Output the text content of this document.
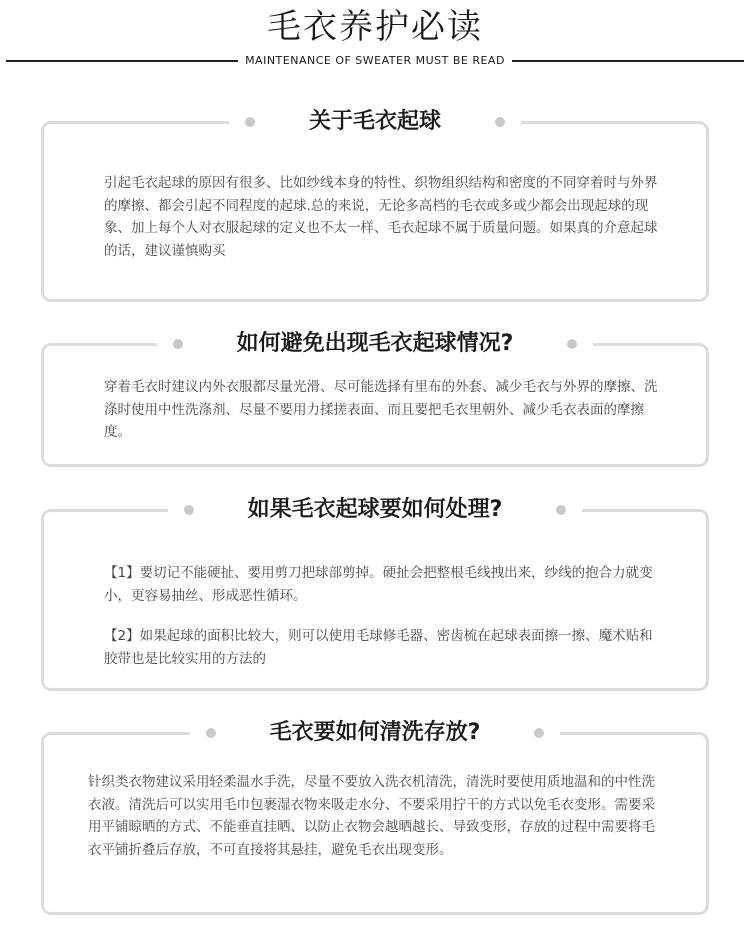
毛衣养护必读
MAINTENANCE OF SWEATER MUST BE READ
关于毛衣起球

引起毛衣起球的原因有很多、比如纱线本身的特性、织物组织结构和密度的不同穿着时与外界的摩擦、都会引起不同程度的起球.总的来说，无论多高档的毛衣或多或少都会出现起球的现象、加上每个人对衣服起球的定义也不太一样、毛衣起球不属于质量问题。如果真的介意起球的话，建议谨慎购买

如何避免出现毛衣起球情况?

穿着毛衣时建议内外衣服都尽量光滑、尽可能选择有里布的外套、减少毛衣与外界的摩擦、洗涤时使用中性洗涤剂、尽量不要用力揉搓表面、而且要把毛衣里朝外、减少毛衣表面的摩擦度。

如果毛衣起球要如何处理?

【1】要切记不能硬扯、要用剪刀把球部剪掉。硬扯会把整根毛线拽出来，纱线的抱合力就变小，更容易抽丝、形成恶性循环。

【2】如果起球的面积比较大，则可以使用毛球修毛器、密齿梳在起球表面擦一擦、魔术贴和胶带也是比较实用的方法的

毛衣要如何清洗存放?

针织类衣物建议采用轻柔温水手洗，尽量不要放入洗衣机清洗，清洗时要使用质地温和的中性洗衣液。清洗后可以实用毛巾包裹湿衣物来吸走水分、不要采用拧干的方式以免毛衣变形。需要采用平铺晾晒的方式、不能垂直挂晒、以防止衣物会越晒越长、导致变形，存放的过程中需要将毛衣平铺折叠后存放，不可直接将其悬挂，避免毛衣出现变形。
